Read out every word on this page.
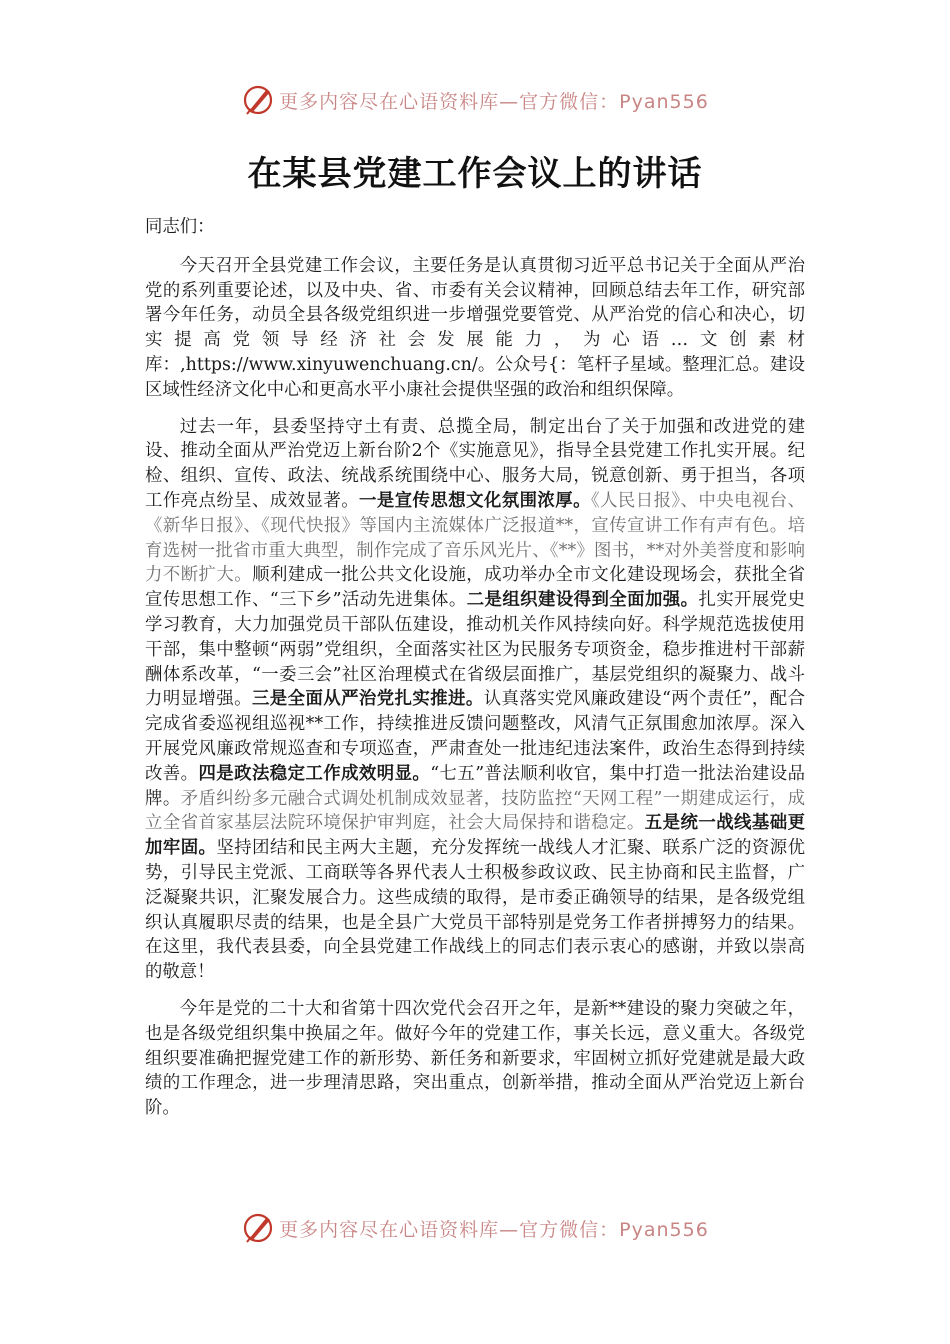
更多内容尽在心语资料库—官方微信：Pyan556
在某县党建工作会议上的讲话

同志们：

今天召开全县党建工作会议，主要任务是认真贯彻习近平总书记关于全面从严治党的系列重要论述，以及中央、省、市委有关会议精神，回顾总结去年工作，研究部署今年任务，动员全县各级党组织进一步增强党要管党、从严治党的信心和决心，切实提高党领导经济社会发展能力，为心语…文创素材库：,https://www.xinyuwenchuang.cn/。公众号{：笔杆子星域。整理汇总。建设区域性经济文化中心和更高水平小康社会提供坚强的政治和组织保障。

过去一年，县委坚持守土有责、总揽全局，制定出台了关于加强和改进党的建设、推动全面从严治党迈上新台阶2个《实施意见》，指导全县党建工作扎实开展。纪检、组织、宣传、政法、统战系统围绕中心、服务大局，锐意创新、勇于担当，各项工作亮点纷呈、成效显著。一是宣传思想文化氛围浓厚。《人民日报》、中央电视台、《新华日报》、《现代快报》等国内主流媒体广泛报道**，宣传宣讲工作有声有色。培育选树一批省市重大典型，制作完成了音乐风光片、《**》图书，**对外美誉度和影响力不断扩大。顺利建成一批公共文化设施，成功举办全市文化建设现场会，获批全省宣传思想工作、“三下乡”活动先进集体。二是组织建设得到全面加强。扎实开展党史学习教育，大力加强党员干部队伍建设，推动机关作风持续向好。科学规范选拔使用干部，集中整顿“两弱”党组织，全面落实社区为民服务专项资金，稳步推进村干部薪酬体系改革，“一委三会”社区治理模式在省级层面推广，基层党组织的凝聚力、战斗力明显增强。三是全面从严治党扎实推进。认真落实党风廉政建设“两个责任”，配合完成省委巡视组巡视**工作，持续推进反馈问题整改，风清气正氛围愈加浓厚。深入开展党风廉政常规巡查和专项巡查，严肃查处一批违纪违法案件，政治生态得到持续改善。四是政法稳定工作成效明显。“七五”普法顺利收官，集中打造一批法治建设品牌。矛盾纠纷多元融合式调处机制成效显著，技防监控“天网工程”一期建成运行，成立全省首家基层法院环境保护审判庭，社会大局保持和谐稳定。五是统一战线基础更加牢固。坚持团结和民主两大主题，充分发挥统一战线人才汇聚、联系广泛的资源优势，引导民主党派、工商联等各界代表人士积极参政议政、民主协商和民主监督，广泛凝聚共识，汇聚发展合力。这些成绩的取得，是市委正确领导的结果，是各级党组织认真履职尽责的结果，也是全县广大党员干部特别是党务工作者拼搏努力的结果。在这里，我代表县委，向全县党建工作战线上的同志们表示衷心的感谢，并致以崇高的敬意！

今年是党的二十大和省第十四次党代会召开之年，是新**建设的聚力突破之年，也是各级党组织集中换届之年。做好今年的党建工作，事关长远，意义重大。各级党组织要准确把握党建工作的新形势、新任务和新要求，牢固树立抓好党建就是最大政绩的工作理念，进一步理清思路，突出重点，创新举措，推动全面从严治党迈上新台阶。

更多内容尽在心语资料库—官方微信：Pyan556
